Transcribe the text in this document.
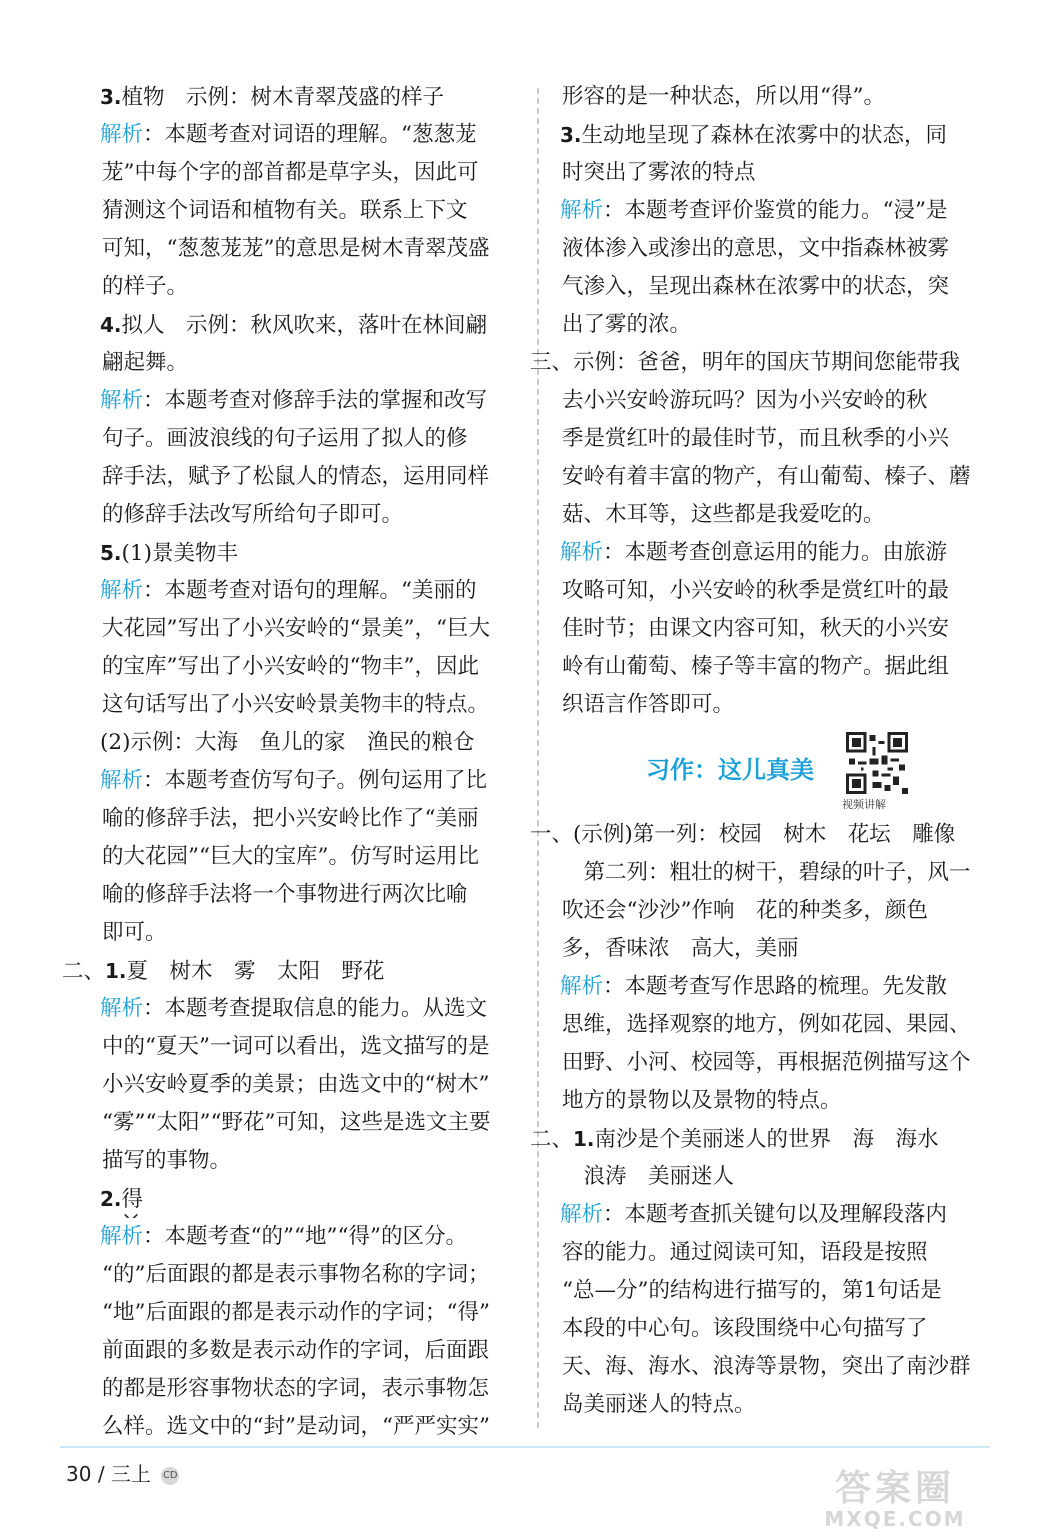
3.植物　示例：树木青翠茂盛的样子
解析：本题考查对词语的理解。“葱葱茏
茏”中每个字的部首都是草字头，因此可
猜测这个词语和植物有关。联系上下文
可知，“葱葱茏茏”的意思是树木青翠茂盛
的样子。
4.拟人　示例：秋风吹来，落叶在林间翩
翩起舞。
解析：本题考查对修辞手法的掌握和改写
句子。画波浪线的句子运用了拟人的修
辞手法，赋予了松鼠人的情态，运用同样
的修辞手法改写所给句子即可。
5.(1)景美物丰
解析：本题考查对语句的理解。“美丽的
大花园”写出了小兴安岭的“景美”，“巨大
的宝库”写出了小兴安岭的“物丰”，因此
这句话写出了小兴安岭景美物丰的特点。
(2)示例：大海　鱼儿的家　渔民的粮仓
解析：本题考查仿写句子。例句运用了比
喻的修辞手法，把小兴安岭比作了“美丽
的大花园”“巨大的宝库”。仿写时运用比
喻的修辞手法将一个事物进行两次比喻
即可。
二、1.夏　树木　雾　太阳　野花
解析：本题考查提取信息的能力。从选文
中的“夏天”一词可以看出，选文描写的是
小兴安岭夏季的美景；由选文中的“树木”
“雾”“太阳”“野花”可知，这些是选文主要
描写的事物。
2.得
解析：本题考查“的”“地”“得”的区分。
“的”后面跟的都是表示事物名称的字词；
“地”后面跟的都是表示动作的字词；“得”
前面跟的多数是表示动作的字词，后面跟
的都是形容事物状态的字词，表示事物怎
么样。选文中的“封”是动词，“严严实实”
形容的是一种状态，所以用“得”。
3.生动地呈现了森林在浓雾中的状态，同
时突出了雾浓的特点
解析：本题考查评价鉴赏的能力。“浸”是
液体渗入或渗出的意思，文中指森林被雾
气渗入，呈现出森林在浓雾中的状态，突
出了雾的浓。
三、示例：爸爸，明年的国庆节期间您能带我
去小兴安岭游玩吗？因为小兴安岭的秋
季是赏红叶的最佳时节，而且秋季的小兴
安岭有着丰富的物产，有山葡萄、榛子、蘑
菇、木耳等，这些都是我爱吃的。
解析：本题考查创意运用的能力。由旅游
攻略可知，小兴安岭的秋季是赏红叶的最
佳时节；由课文内容可知，秋天的小兴安
岭有山葡萄、榛子等丰富的物产。据此组
织语言作答即可。
习作：这儿真美
视频讲解
一、(示例)第一列：校园　树木　花坛　雕像
　第二列：粗壮的树干，碧绿的叶子，风一
吹还会“沙沙”作响　花的种类多，颜色
多，香味浓　高大，美丽
解析：本题考查写作思路的梳理。先发散
思维，选择观察的地方，例如花园、果园、
田野、小河、校园等，再根据范例描写这个
地方的景物以及景物的特点。
二、1.南沙是个美丽迷人的世界　海　海水
　浪涛　美丽迷人
解析：本题考查抓关键句以及理解段落内
容的能力。通过阅读可知，语段是按照
“总—分”的结构进行描写的，第1句话是
本段的中心句。该段围绕中心句描写了
天、海、海水、浪涛等景物，突出了南沙群
岛美丽迷人的特点。
30 / 三上 CD	答案圈
MXQE.COM
